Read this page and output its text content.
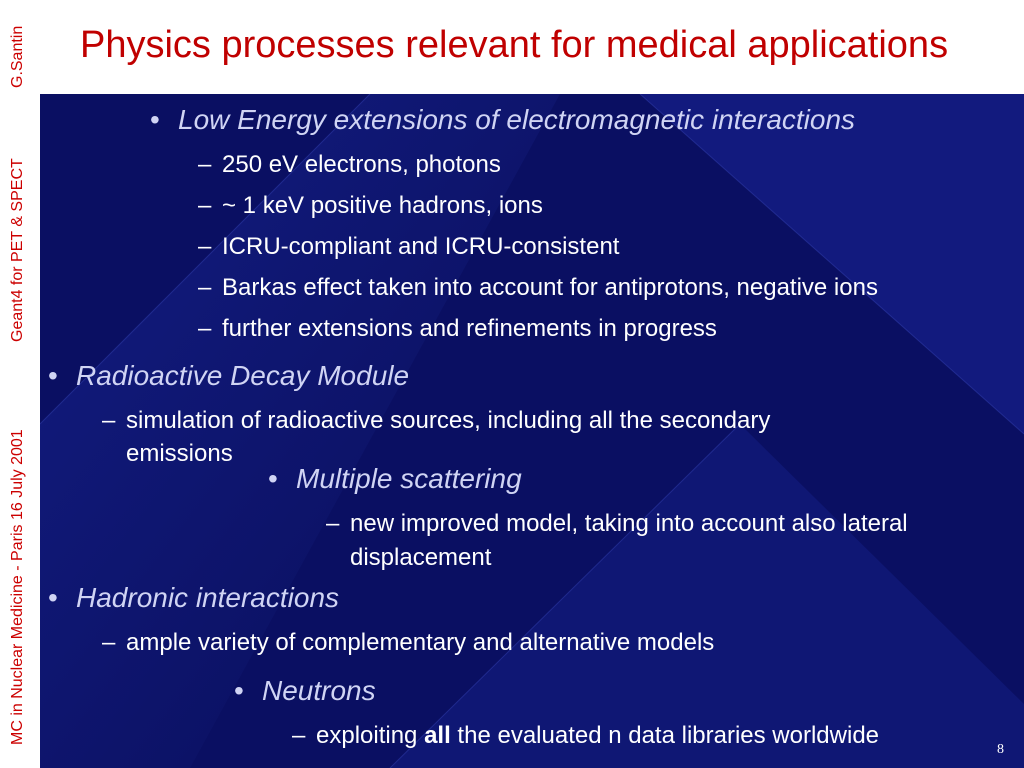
G.Santin
Geant4 for PET & SPECT
MC in Nuclear Medicine - Paris 16 July 2001
Physics processes relevant for medical applications
• Low Energy extensions of electromagnetic interactions
– 250 eV electrons, photons
– ~ 1 keV positive hadrons, ions
– ICRU-compliant and ICRU-consistent
– Barkas effect taken into account for antiprotons, negative ions
– further extensions and refinements in progress
• Radioactive Decay Module
– simulation of radioactive sources, including all the secondary
emissions
• Multiple scattering
– new improved model, taking into account also lateral
displacement
• Hadronic interactions
– ample variety of complementary and alternative models
• Neutrons
– exploiting all the evaluated n data libraries worldwide
8
